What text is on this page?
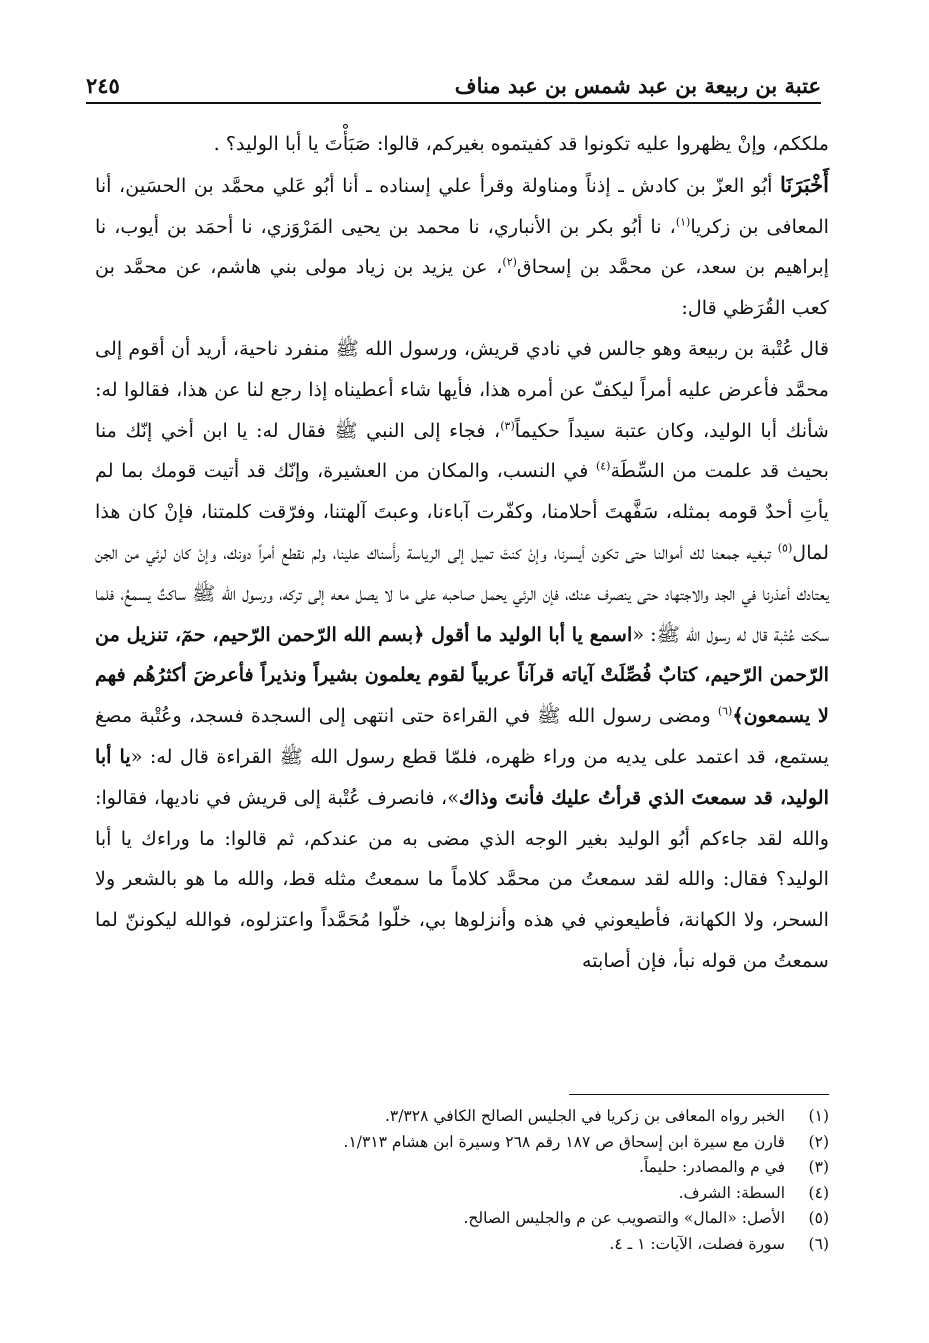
عتبة بن ربيعة بن عبد شمس بن عبد مناف
٢٤٥

ملككم، وإنْ يظهروا عليه تكونوا قد كفيتموه بغيركم، قالوا: صَبَأْتَ يا أبا الوليد؟ .

أَخْبَرَنَا أبُو العزّ بن كادش ـ إذناً ومناولة وقرأ علي إسناده ـ أنا أبُو عَلي محمَّد بن الحسَين، أنا المعافى بن زكريا$^{(١)}$، نا أبُو بكر بن الأنباري، نا محمد بن يحيى المَرْوَزي، نا أحمَد بن أيوب، نا إبراهيم بن سعد، عن محمَّد بن إسحاق$^{(٢)}$، عن يزيد بن زياد مولى بني هاشم، عن محمَّد بن كعب القُرَظي قال:

قال عُتْبة بن ربيعة وهو جالس في نادي قريش، ورسول الله ﷺ منفرد ناحية، أريد أن أقوم إلى محمَّد فأعرض عليه أمراً ليكفّ عن أمره هذا، فأيها شاء أعطيناه إذا رجع لنا عن هذا، فقالوا له: شأنك أبا الوليد، وكان عتبة سيداً حكيماً$^{(٣)}$، فجاء إلى النبي ﷺ فقال له: يا ابن أخي إنّك منا بحيث قد علمت من السِّطَة$^{(٤)}$ في النسب، والمكان من العشيرة، وإنّك قد أتيت قومك بما لم يأتِ أحدٌ قومه بمثله، سَفَّهتَ أحلامنا، وكفّرت آباءنا، وعبتَ آلهتنا، وفرّقت كلمتنا، فإنْ كان هذا لمال$^{(٥)}$ تبغيه جمعنا لك أموالنا حتى تكون أيسرنا، وإنْ كنتَ تميل إلى الرياسة رأَسناك علينا، ولم نقطع أمراً دونك، وإنْ كان لرئي من الجن يعتادك أعذرنا في الجد والاجتهاد حتى ينصرف عنك، فإن الرئي يحمل صاحبه على ما لا يصل معه إلى تركه، ورسول الله ﷺ ساكتٌ يسمعُ، فلما سكت عُتْبة قال له رسول الله ﷺ: «اسمع يا أبا الوليد ما أقول ﴿بسم الله الرّحمن الرّحيم، حمٓ، تنزيل من الرّحمن الرّحيم، كتابٌ فُصِّلَتْ آياته قرآناً عربياً لقوم يعلمون بشيراً ونذيراً فأعرضَ أكثرُهُم فهم لا يسمعون﴾$^{(٦)}$ ومضى رسول الله ﷺ في القراءة حتى انتهى إلى السجدة فسجد، وعُتْبة مصغ يستمع، قد اعتمد على يديه من وراء ظهره، فلمّا قطع رسول الله ﷺ القراءة قال له: «يا أبا الوليد، قد سمعتَ الذي قرأتُ عليك فأنتَ وذاك»، فانصرف عُتْبة إلى قريش في ناديها، فقالوا: والله لقد جاءكم أبُو الوليد بغير الوجه الذي مضى به من عندكم، ثم قالوا: ما وراءك يا أبا الوليد؟ فقال: والله لقد سمعتُ من محمَّد كلاماً ما سمعتُ مثله قط، والله ما هو بالشعر ولا السحر، ولا الكهانة، فأطيعوني في هذه وأنزلوها بي، خلّوا مُحَمَّداً واعتزلوه، فوالله ليكوننّ لما سمعتُ من قوله نبأ، فإن أصابته

(١)
الخبر رواه المعافى بن زكريا في الجليس الصالح الكافي ٣/٣٢٨.
(٢)
قارن مع سيرة ابن إسحاق ص ١٨٧ رقم ٢٦٨ وسيرة ابن هشام ١/٣١٣.
(٣)
في م والمصادر: حليماً.
(٤)
السطة: الشرف.
(٥)
الأصل: «المال» والتصويب عن م والجليس الصالح.
(٦)
سورة فصلت، الآيات: ١ ـ ٤.
